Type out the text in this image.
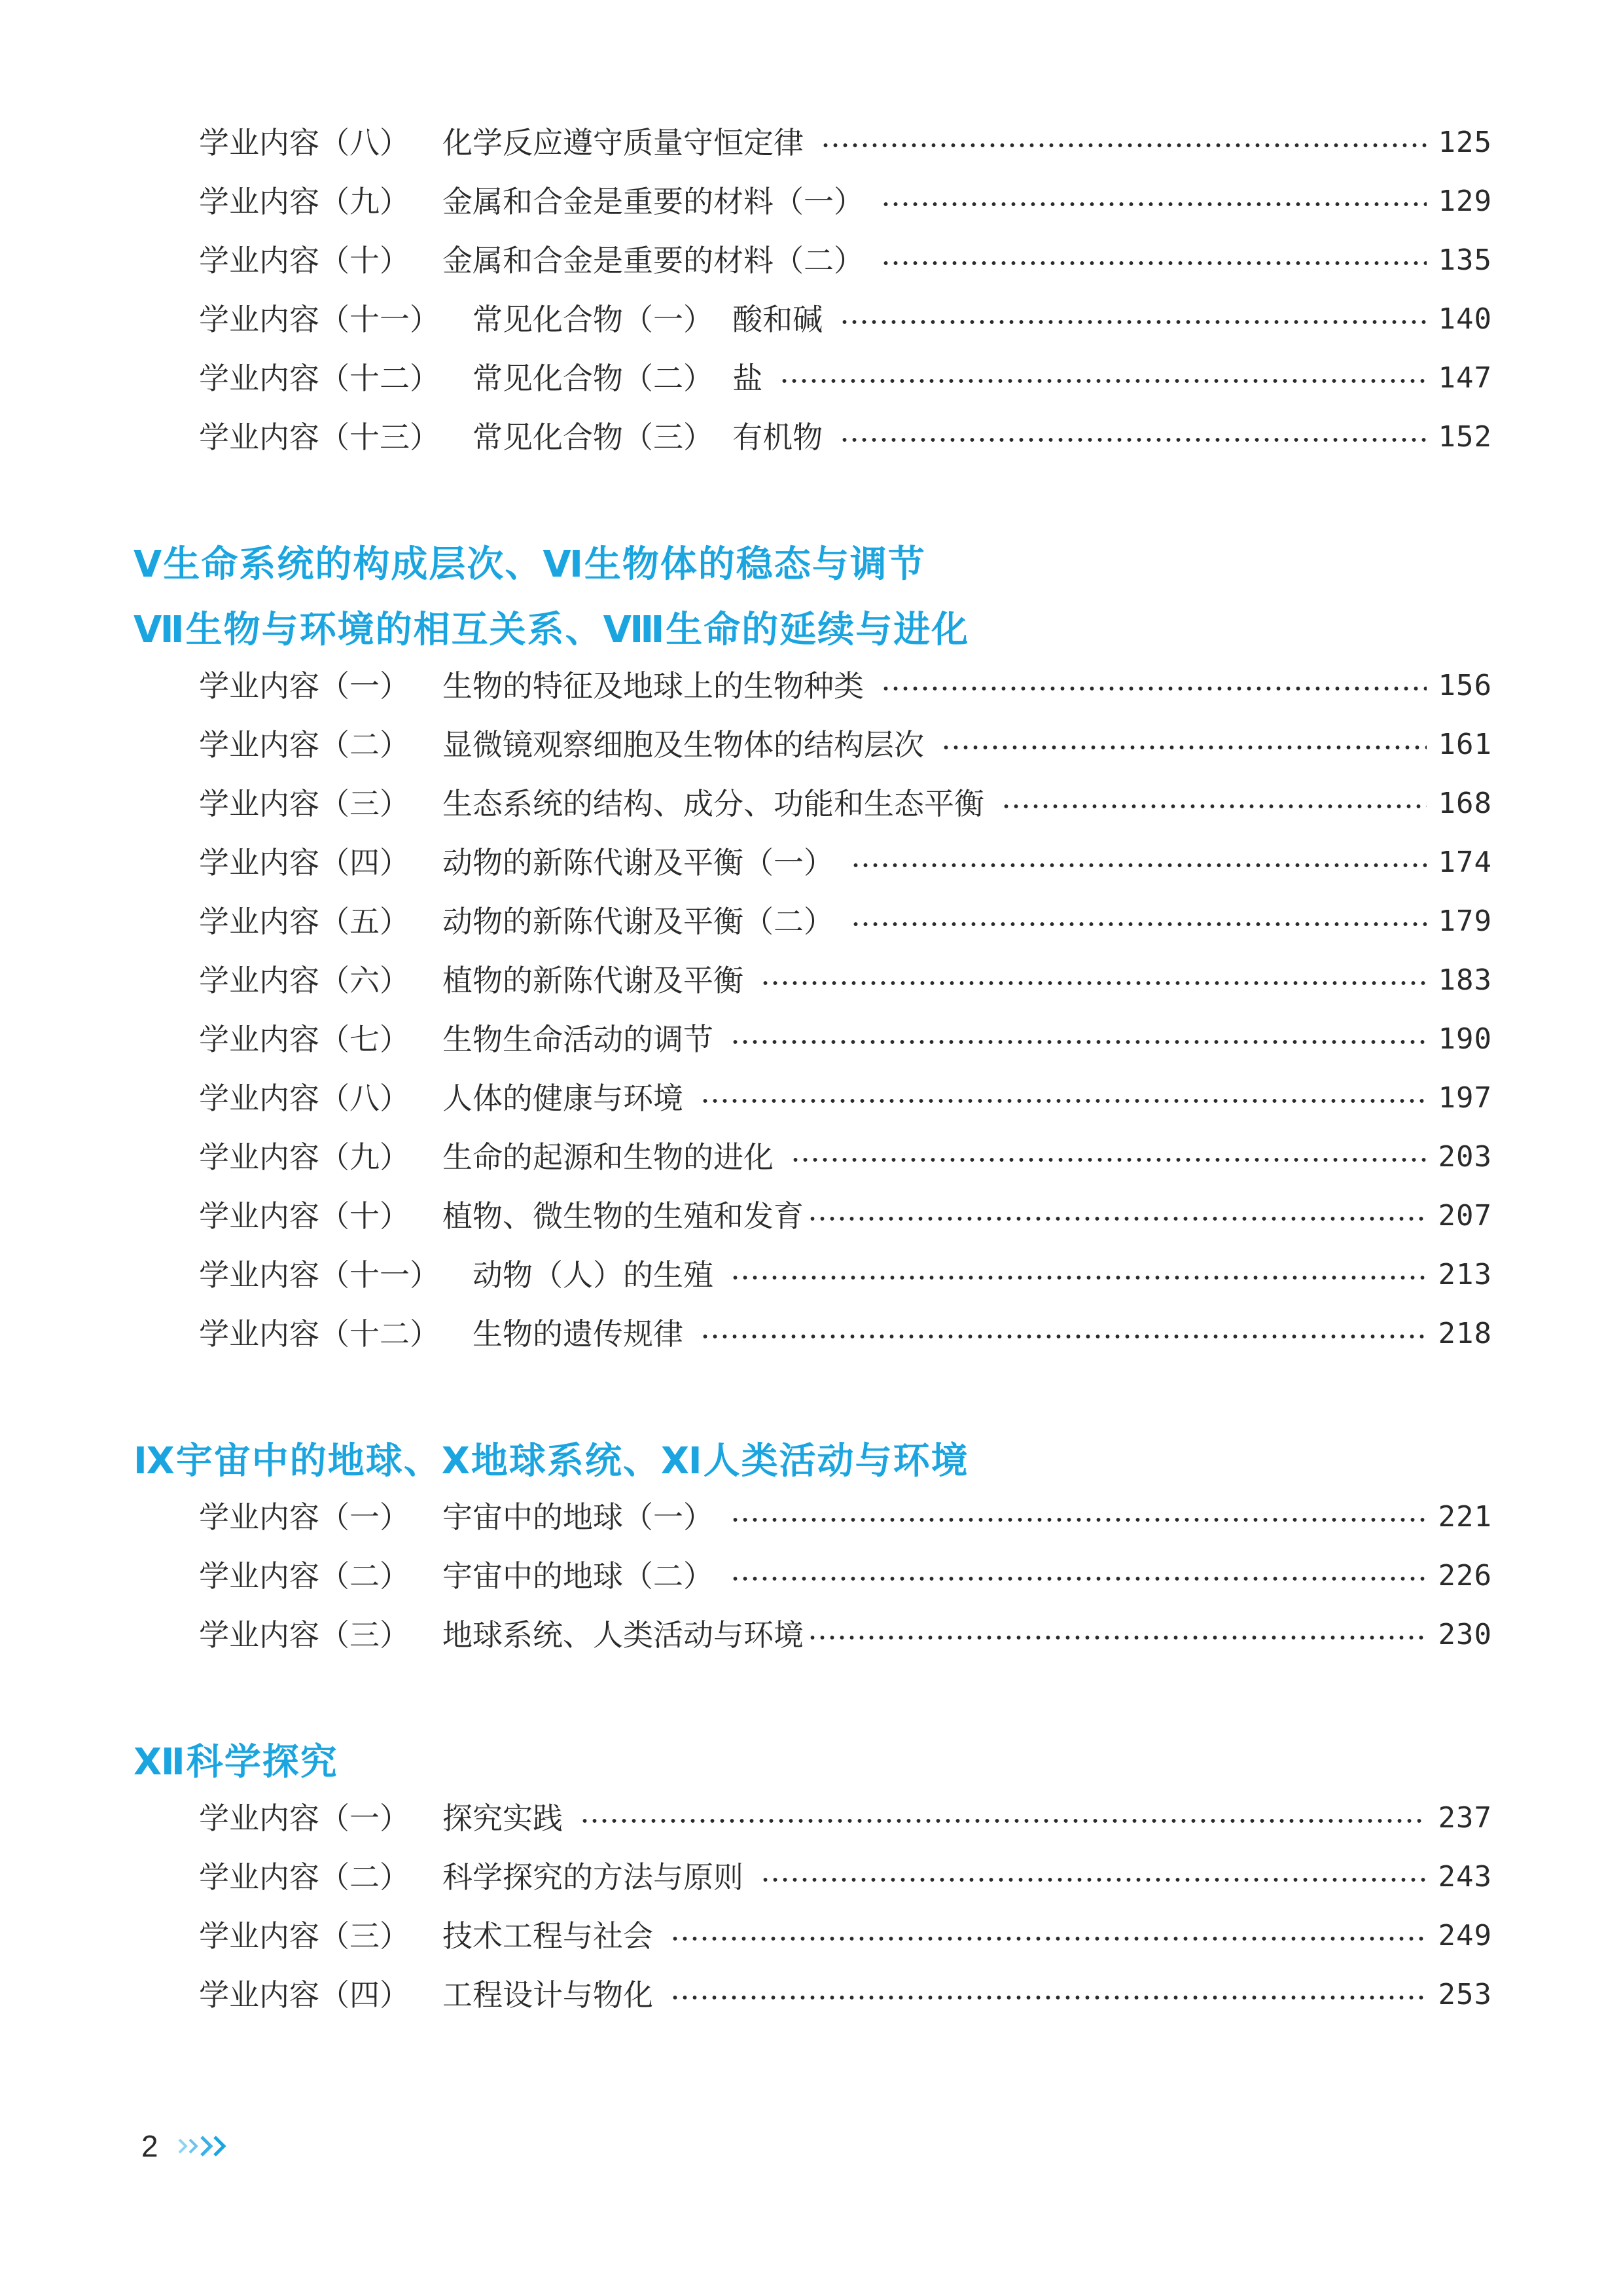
学业内容（八） 化学反应遵守质量守恒定律	125
学业内容（九） 金属和合金是重要的材料（一）	129
学业内容（十） 金属和合金是重要的材料（二）	135
学业内容（十一） 常见化合物（一）  酸和碱	140
学业内容（十二） 常见化合物（二）  盐	147
学业内容（十三） 常见化合物（三）  有机物	152
Ⅴ生命系统的构成层次、Ⅵ生物体的稳态与调节
Ⅶ生物与环境的相互关系、Ⅷ生命的延续与进化
学业内容（一） 生物的特征及地球上的生物种类	156
学业内容（二） 显微镜观察细胞及生物体的结构层次	161
学业内容（三） 生态系统的结构、成分、功能和生态平衡	168
学业内容（四） 动物的新陈代谢及平衡（一）	174
学业内容（五） 动物的新陈代谢及平衡（二）	179
学业内容（六） 植物的新陈代谢及平衡	183
学业内容（七） 生物生命活动的调节	190
学业内容（八） 人体的健康与环境	197
学业内容（九） 生命的起源和生物的进化	203
学业内容（十） 植物、微生物的生殖和发育	207
学业内容（十一） 动物（人）的生殖	213
学业内容（十二） 生物的遗传规律	218
Ⅸ宇宙中的地球、Ⅹ地球系统、Ⅺ人类活动与环境
学业内容（一） 宇宙中的地球（一）	221
学业内容（二） 宇宙中的地球（二）	226
学业内容（三） 地球系统、人类活动与环境	230
Ⅻ科学探究
学业内容（一） 探究实践	237
学业内容（二） 科学探究的方法与原则	243
学业内容（三） 技术工程与社会	249
学业内容（四） 工程设计与物化	253
2
